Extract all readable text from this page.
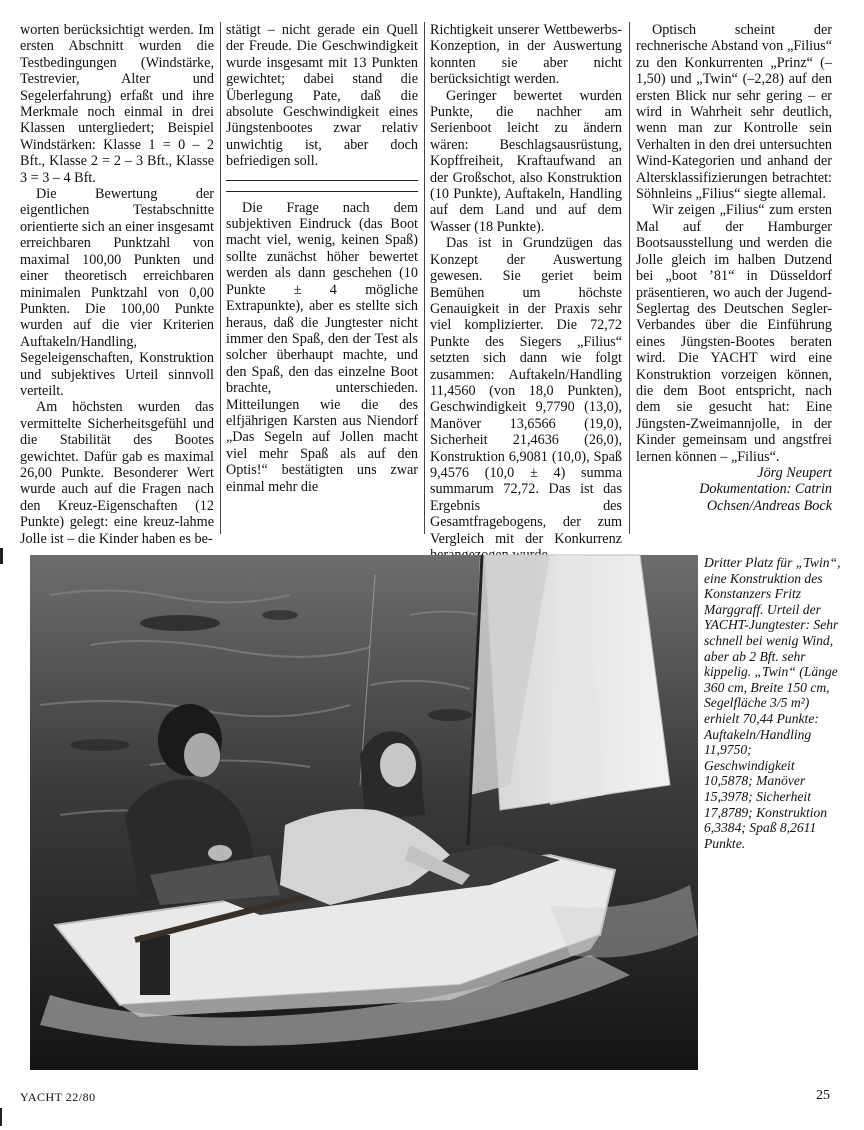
worten berücksichtigt werden. Im ersten Abschnitt wurden die Testbedingungen (Windstärke, Testrevier, Alter und Segelerfahrung) erfaßt und ihre Merkmale noch einmal in drei Klassen untergliedert; Beispiel Windstärken: Klasse 1 = 0 – 2 Bft., Klasse 2 = 2 – 3 Bft., Klasse 3 = 3 – 4 Bft.

Die Bewertung der eigentlichen Testabschnitte orientierte sich an einer insgesamt erreichbaren Punktzahl von maximal 100,00 Punkten und einer theoretisch erreichbaren minimalen Punktzahl von 0,00 Punkten. Die 100,00 Punkte wurden auf die vier Kriterien Auftakeln/Handling, Segeleigenschaften, Konstruktion und subjektives Urteil sinnvoll verteilt.

Am höchsten wurden das vermittelte Sicherheitsgefühl und die Stabilität des Bootes gewichtet. Dafür gab es maximal 26,00 Punkte. Besonderer Wert wurde auch auf die Fragen nach den Kreuz-Eigenschaften (12 Punkte) gelegt: eine kreuz-lahme Jolle ist – die Kinder haben es be-

stätigt – nicht gerade ein Quell der Freude. Die Geschwindigkeit wurde insgesamt mit 13 Punkten gewichtet; dabei stand die Überlegung Pate, daß die absolute Geschwindigkeit eines Jüngstenbootes zwar relativ unwichtig ist, aber doch befriedigen soll.

Die Frage nach dem subjektiven Eindruck (das Boot macht viel, wenig, keinen Spaß) sollte zunächst höher bewertet werden als dann geschehen (10 Punkte ± 4 mögliche Extrapunkte), aber es stellte sich heraus, daß die Jungtester nicht immer den Spaß, den der Test als solcher überhaupt machte, und den Spaß, den das einzelne Boot brachte, unterschieden. Mitteilungen wie die des elfjährigen Karsten aus Niendorf „Das Segeln auf Jollen macht viel mehr Spaß als auf den Optis!“ bestätigten uns zwar einmal mehr die

Richtigkeit unserer Wettbewerbs-Konzeption, in der Auswertung konnten sie aber nicht berücksichtigt werden.

Geringer bewertet wurden Punkte, die nachher am Serienboot leicht zu ändern wären: Beschlagsausrüstung, Kopffreiheit, Kraftaufwand an der Großschot, also Konstruktion (10 Punkte), Auftakeln, Handling auf dem Land und auf dem Wasser (18 Punkte).

Das ist in Grundzügen das Konzept der Auswertung gewesen. Sie geriet beim Bemühen um höchste Genauigkeit in der Praxis sehr viel komplizierter. Die 72,72 Punkte des Siegers „Filius“ setzten sich dann wie folgt zusammen: Auftakeln/Handling 11,4560 (von 18,0 Punkten), Geschwindigkeit 9,7790 (13,0), Manöver 13,6566 (19,0), Sicherheit 21,4636 (26,0), Konstruktion 6,9081 (10,0), Spaß 9,4576 (10,0 ± 4) summa summarum 72,72. Das ist das Ergebnis des Gesamtfragebogens, der zum Vergleich mit der Konkurrenz

Optisch scheint der rechnerische Abstand von „Filius“ zu den Konkurrenten „Prinz“ (–1,50) und „Twin“ (–2,28) auf den ersten Blick nur sehr gering – er wird in Wahrheit sehr deutlich, wenn man zur Kontrolle sein Verhalten in den drei untersuchten Wind-Kategorien und anhand der Altersklassifizierungen betrachtet: Söhnleins „Filius“ siegte allemal.

Wir zeigen „Filius“ zum ersten Mal auf der Hamburger Bootsausstellung und werden die Jolle gleich im halben Dutzend bei „boot ’81“ in Düsseldorf präsentieren, wo auch der Jugend-Seglertag des Deutschen Segler-Verbandes über die Einführung eines Jüngsten-Bootes beraten wird. Die YACHT wird eine Konstruktion vorzeigen können, die dem Boot entspricht, nach dem sie gesucht hat: Eine Jüngsten-Zweimannjolle, in der Kinder gemeinsam und angstfrei lernen können – „Filius“.

Jörg Neupert

Dokumentation: Catrin Ochsen/Andreas Bock

Dritter Platz für „Twin“, eine Konstruktion des Konstanzers Fritz Marggraff. Urteil der YACHT-Jungtester: Sehr schnell bei wenig Wind, aber ab 2 Bft. sehr kippelig. „Twin“ (Länge 360 cm, Breite 150 cm, Segelfläche 3/5 m²) erhielt 70,44 Punkte: Auftakeln/Handling 11,9750; Geschwindigkeit 10,5878; Manöver 15,3978; Sicherheit 17,8789; Konstruktion 6,3384; Spaß 8,2611 Punkte.
YACHT 22/80	25
